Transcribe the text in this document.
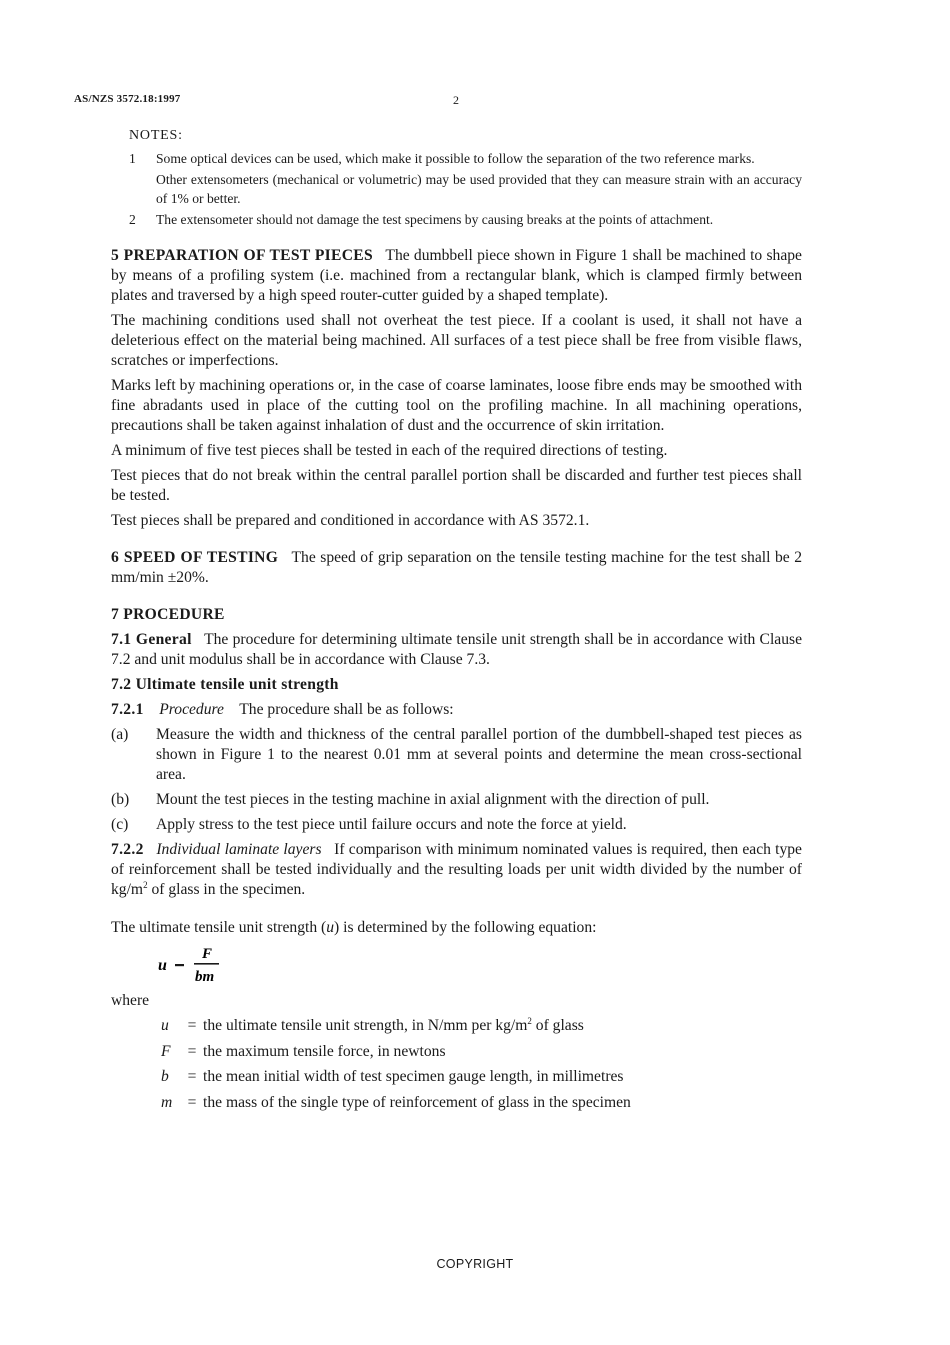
AS/NZS 3572.18:1997	2
NOTES:
1	Some optical devices can be used, which make it possible to follow the separation of the two reference marks.
Other extensometers (mechanical or volumetric) may be used provided that they can measure strain with an accuracy of 1% or better.
2	The extensometer should not damage the test specimens by causing breaks at the points of attachment.

5 PREPARATION OF TEST PIECES The dumbbell piece shown in Figure 1 shall be machined to shape by means of a profiling system (i.e. machined from a rectangular blank, which is clamped firmly between plates and traversed by a high speed router-cutter guided by a shaped template).

The machining conditions used shall not overheat the test piece. If a coolant is used, it shall not have a deleterious effect on the material being machined. All surfaces of a test piece shall be free from visible flaws, scratches or imperfections.

Marks left by machining operations or, in the case of coarse laminates, loose fibre ends may be smoothed with fine abradants used in place of the cutting tool on the profiling machine. In all machining operations, precautions shall be taken against inhalation of dust and the occurrence of skin irritation.

A minimum of five test pieces shall be tested in each of the required directions of testing.

Test pieces that do not break within the central parallel portion shall be discarded and further test pieces shall be tested.

Test pieces shall be prepared and conditioned in accordance with AS 3572.1.

6 SPEED OF TESTING The speed of grip separation on the tensile testing machine for the test shall be 2 mm/min ±20%.

7 PROCEDURE

7.1 General The procedure for determining ultimate tensile unit strength shall be in accordance with Clause 7.2 and unit modulus shall be in accordance with Clause 7.3.

7.2 Ultimate tensile unit strength

7.2.1 Procedure The procedure shall be as follows:

(a)	Measure the width and thickness of the central parallel portion of the dumbbell-shaped test pieces as shown in Figure 1 to the nearest 0.01 mm at several points and determine the mean cross-sectional area.
(b)	Mount the test pieces in the testing machine in axial alignment with the direction of pull.
(c)	Apply stress to the test piece until failure occurs and note the force at yield.

7.2.2 Individual laminate layers If comparison with minimum nominated values is required, then each type of reinforcement shall be tested individually and the resulting loads per unit width divided by the number of $kg/m^2$ of glass in the specimen.

The ultimate tensile unit strength (u) is determined by the following equation:

u
F
bm

where

u	= the ultimate tensile unit strength, in N/mm per $kg/m^2$ of glass
F	= the maximum tensile force, in newtons
b	= the mean initial width of test specimen gauge length, in millimetres
m = the mass of the single type of reinforcement of glass in the specimen
COPYRIGHT
